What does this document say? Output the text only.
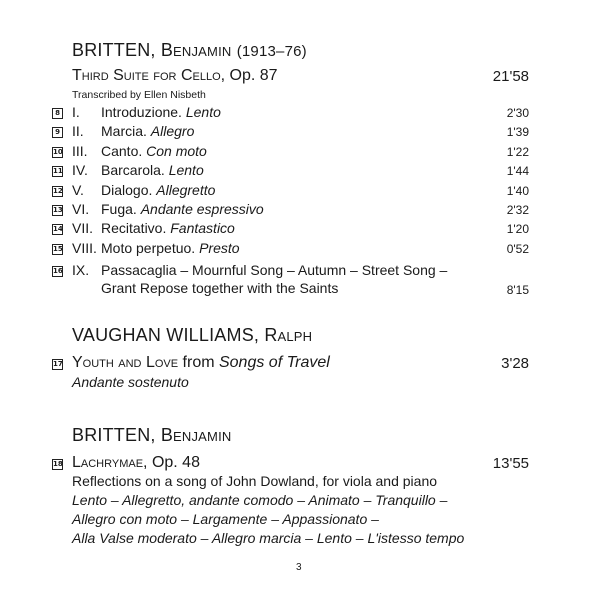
BRITTEN, Benjamin (1913–76)
Third Suite for Cello, Op. 87	21'58
Transcribed by Ellen Nisbeth
8 I. Introduzione. Lento	2'30
9 II. Marcia. Allegro	1'39
10 III. Canto. Con moto	1'22
11 IV. Barcarola. Lento	1'44
12 V. Dialogo. Allegretto	1'40
13 VI. Fuga. Andante espressivo	2'32
14 VII. Recitativo. Fantastico	1'20
15 VIII. Moto perpetuo. Presto	0'52
16 IX. Passacaglia – Mournful Song – Autumn – Street Song –
Grant Repose together with the Saints	8'15
VAUGHAN WILLIAMS, Ralph
17 Youth and Love from Songs of Travel	3'28
Andante sostenuto
BRITTEN, Benjamin
18 Lachrymae, Op. 48	13'55
Reflections on a song of John Dowland, for viola and piano
Lento – Allegretto, andante comodo – Animato – Tranquillo –
Allegro con moto – Largamente – Appassionato –
Alla Valse moderato – Allegro marcia – Lento – L'istesso tempo
3
